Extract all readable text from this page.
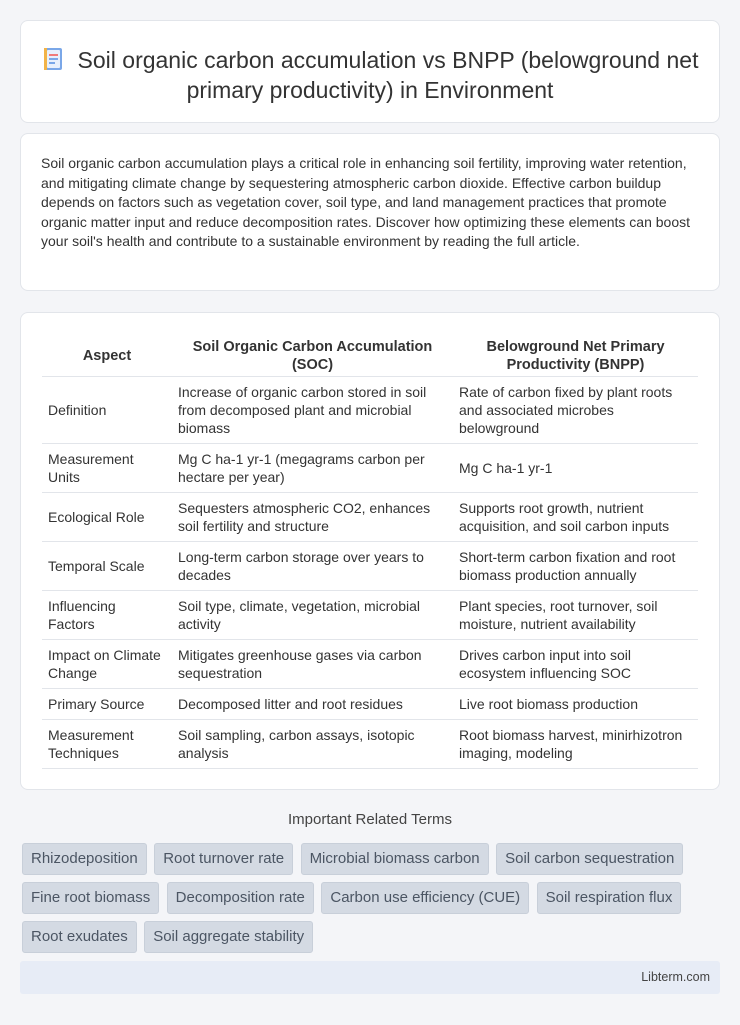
Soil organic carbon accumulation vs BNPP (belowground net primary productivity) in Environment

Soil organic carbon accumulation plays a critical role in enhancing soil fertility, improving water retention, and mitigating climate change by sequestering atmospheric carbon dioxide. Effective carbon buildup depends on factors such as vegetation cover, soil type, and land management practices that promote organic matter input and reduce decomposition rates. Discover how optimizing these elements can boost your soil's health and contribute to a sustainable environment by reading the full article.

Aspect	Soil Organic Carbon Accumulation (SOC)	Belowground Net Primary Productivity (BNPP)
Definition	Increase of organic carbon stored in soil from decomposed plant and microbial biomass	Rate of carbon fixed by plant roots and associated microbes belowground
Measurement Units	Mg C ha-1 yr-1 (megagrams carbon per hectare per year)	Mg C ha-1 yr-1
Ecological Role	Sequesters atmospheric CO2, enhances soil fertility and structure	Supports root growth, nutrient acquisition, and soil carbon inputs
Temporal Scale	Long-term carbon storage over years to decades	Short-term carbon fixation and root biomass production annually
Influencing Factors	Soil type, climate, vegetation, microbial activity	Plant species, root turnover, soil moisture, nutrient availability
Impact on Climate Change	Mitigates greenhouse gases via carbon sequestration	Drives carbon input into soil ecosystem influencing SOC
Primary Source	Decomposed litter and root residues	Live root biomass production
Measurement Techniques	Soil sampling, carbon assays, isotopic analysis	Root biomass harvest, minirhizotron imaging, modeling
Important Related Terms
Rhizodeposition Root turnover rate Microbial biomass carbon Soil carbon sequestration Fine root biomass Decomposition rate Carbon use efficiency (CUE) Soil respiration flux Root exudates Soil aggregate stability
Libterm.com
